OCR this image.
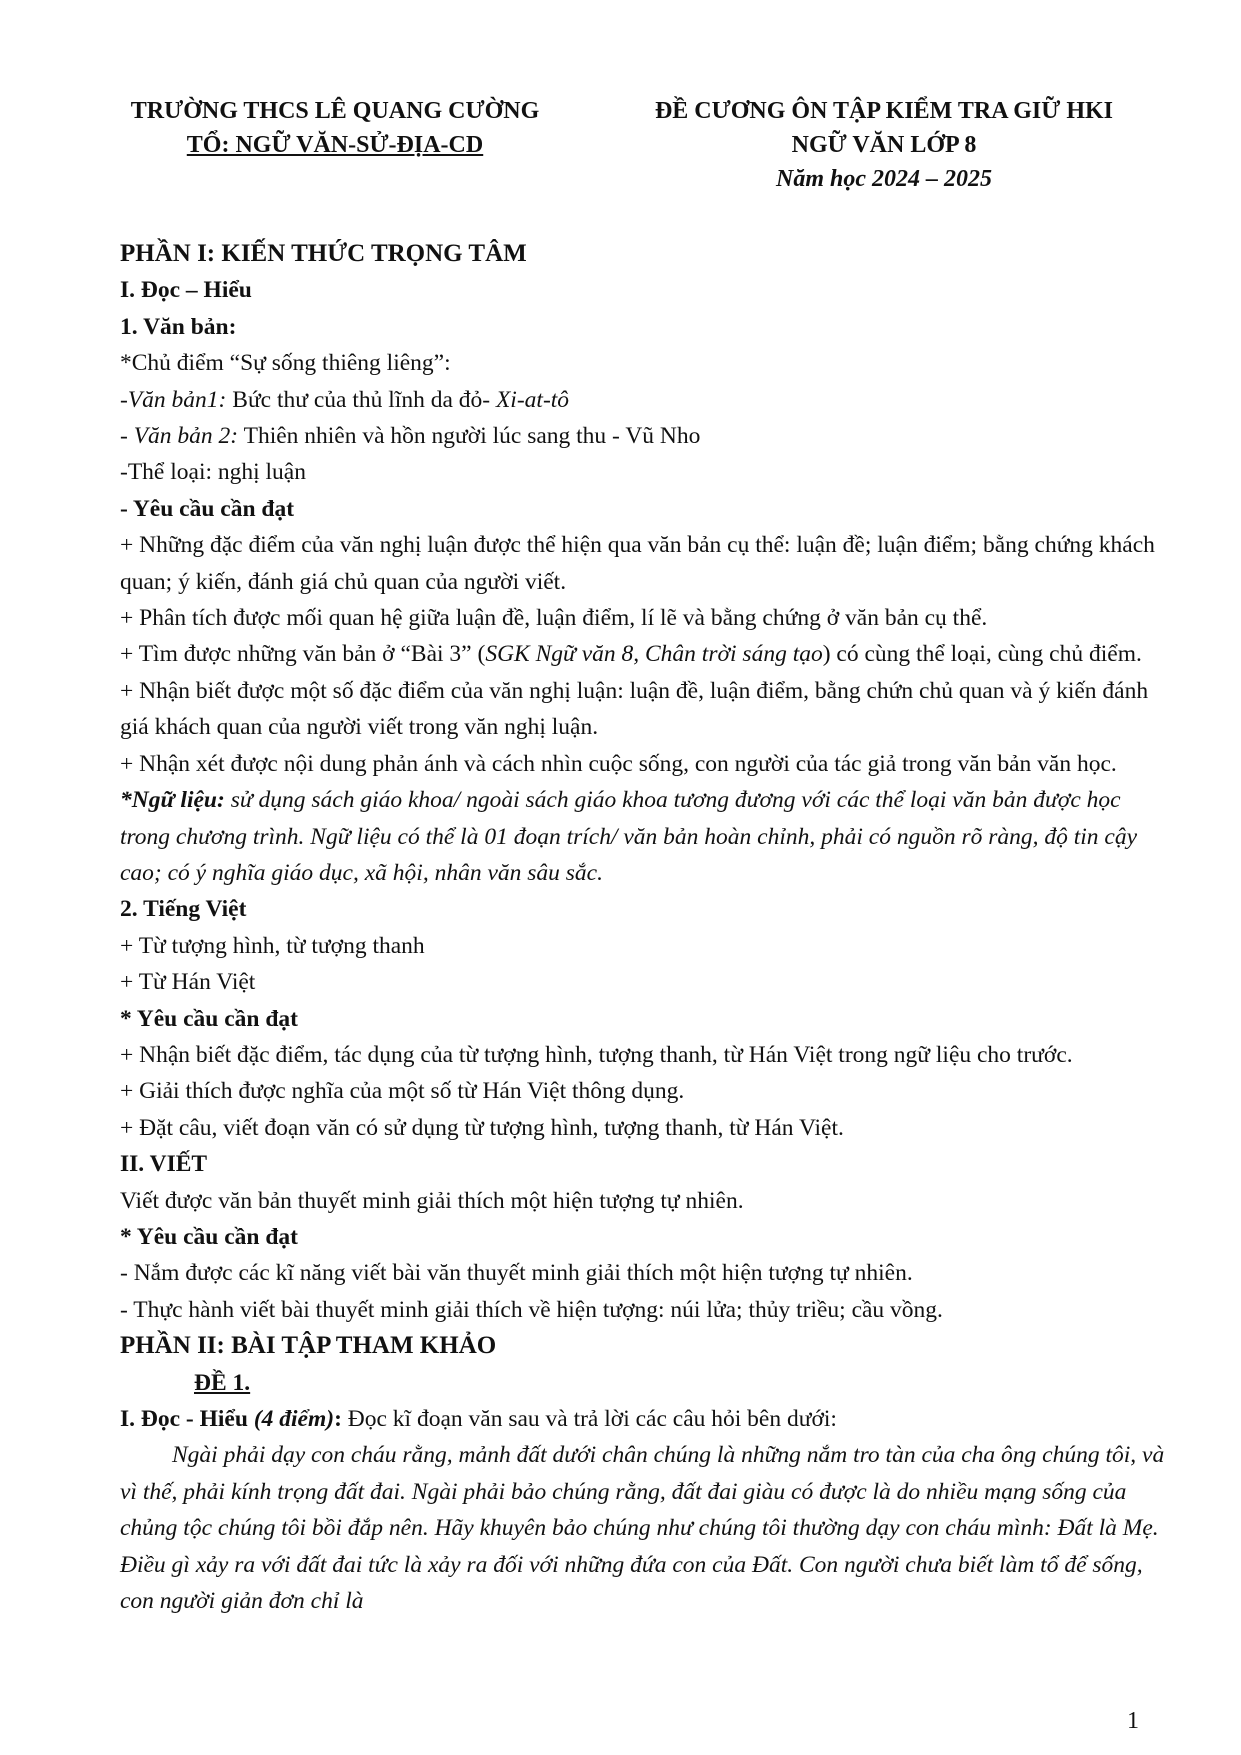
TRƯỜNG THCS LÊ QUANG CƯỜNG
TỔ: NGỮ VĂN-SỬ-ĐỊA-CD
ĐỀ CƯƠNG ÔN TẬP KIỂM TRA GIỮ HKI
NGỮ VĂN LỚP 8
Năm học 2024 – 2025

PHẦN I: KIẾN THỨC TRỌNG TÂM

I. Đọc – Hiểu

1. Văn bản:

*Chủ điểm “Sự sống thiêng liêng”:

-Văn bản1: Bức thư của thủ lĩnh da đỏ- Xi-at-tô

- Văn bản 2: Thiên nhiên và hồn người lúc sang thu - Vũ Nho

-Thể loại: nghị luận

- Yêu cầu cần đạt

+ Những đặc điểm của văn nghị luận được thể hiện qua văn bản cụ thể: luận đề; luận điểm; bằng chứng khách quan; ý kiến, đánh giá chủ quan của người viết.

+ Phân tích được mối quan hệ giữa luận đề, luận điểm, lí lẽ và bằng chứng ở văn bản cụ thể.

+ Tìm được những văn bản ở “Bài 3” (SGK Ngữ văn 8, Chân trời sáng tạo) có cùng thể loại, cùng chủ điểm.

+ Nhận biết được một số đặc điểm của văn nghị luận: luận đề, luận điểm, bằng chứn chủ quan và ý kiến đánh giá khách quan của người viết trong văn nghị luận.

+ Nhận xét được nội dung phản ánh và cách nhìn cuộc sống, con người của tác giả trong văn bản văn học.

*Ngữ liệu: sử dụng sách giáo khoa/ ngoài sách giáo khoa tương đương với các thể loại văn bản được học trong chương trình. Ngữ liệu có thể là 01 đoạn trích/ văn bản hoàn chỉnh, phải có nguồn rõ ràng, độ tin cậy cao; có ý nghĩa giáo dục, xã hội, nhân văn sâu sắc.

2. Tiếng Việt

+ Từ tượng hình, từ tượng thanh

+ Từ Hán Việt

* Yêu cầu cần đạt

+ Nhận biết đặc điểm, tác dụng của từ tượng hình, tượng thanh, từ Hán Việt trong ngữ liệu cho trước.

+ Giải thích được nghĩa của một số từ Hán Việt thông dụng.

+ Đặt câu, viết đoạn văn có sử dụng từ tượng hình, tượng thanh, từ Hán Việt.

II. VIẾT

Viết được văn bản thuyết minh giải thích một hiện tượng tự nhiên.

* Yêu cầu cần đạt

- Nắm được các kĩ năng viết bài văn thuyết minh giải thích một hiện tượng tự nhiên.

- Thực hành viết bài thuyết minh giải thích về hiện tượng: núi lửa; thủy triều; cầu vồng.

PHẦN II: BÀI TẬP THAM KHẢO

ĐỀ 1.

I. Đọc - Hiểu (4 điểm): Đọc kĩ đoạn văn sau và trả lời các câu hỏi bên dưới:

Ngài phải dạy con cháu rằng, mảnh đất dưới chân chúng là những nắm tro tàn của cha ông chúng tôi, và vì thế, phải kính trọng đất đai. Ngài phải bảo chúng rằng, đất đai giàu có được là do nhiều mạng sống của chủng tộc chúng tôi bồi đắp nên. Hãy khuyên bảo chúng như chúng tôi thường dạy con cháu mình: Đất là Mẹ. Điều gì xảy ra với đất đai tức là xảy ra đối với những đứa con của Đất. Con người chưa biết làm tổ để sống, con người giản đơn chỉ là

1
